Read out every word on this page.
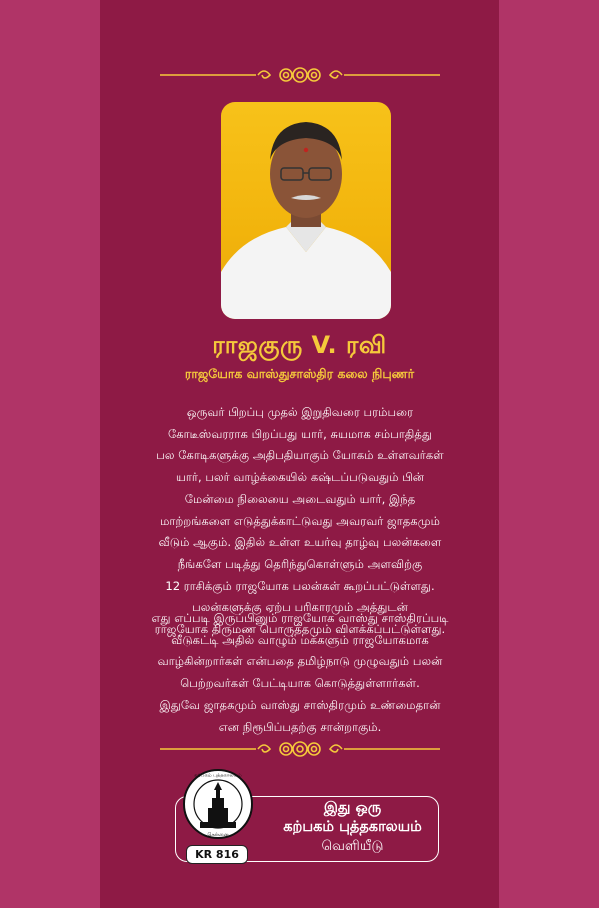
ராஜகுரு V. ரவி
ராஜயோக வாஸ்துசாஸ்திர கலை நிபுணர்
ஒருவர் பிறப்பு முதல் இறுதிவரை பரம்பரை
கோடீஸ்வரராக பிறப்பது யார், சுயமாக சம்பாதித்து
பல கோடிகளுக்கு அதிபதியாகும் யோகம் உள்ளவர்கள்
யார், பலர் வாழ்க்கையில் கஷ்டப்படுவதும் பின்
மேன்மை நிலையை அடைவதும் யார், இந்த
மாற்றங்களை எடுத்துக்காட்டுவது அவரவர் ஜாதகமும்
வீடும் ஆகும். இதில் உள்ள உயர்வு தாழ்வு பலன்களை
நீங்களே படித்து தெரிந்துகொள்ளும் அளவிற்கு
12 ராசிக்கும் ராஜயோக பலன்கள் கூறப்பட்டுள்ளது.
பலன்களுக்கு ஏற்ப பரிகாரமும் அத்துடன்
ராஜயோக திருமண பொருத்தமும் விளக்கப்பட்டுள்ளது.
எது எப்படி இருப்பினும் ராஜயோக வாஸ்து சாஸ்திரப்படி
வீடுகட்டி அதில் வாழும் மக்களும் ராஜயோகமாக
வாழ்கின்றார்கள் என்பதை தமிழ்நாடு முழுவதும் பலன்
பெற்றவர்கள் பேட்டியாக கொடுத்துள்ளார்கள்.
இதுவே ஜாதகமும் வாஸ்து சாஸ்திரமும் உண்மைதான்
என நிரூபிப்பதற்கு சான்றாகும்.
கற்பகம் புத்தகாலயம்
சென்னை
இது ஒரு
கற்பகம் புத்தகாலயம்
வெளியீடு
KR 816
